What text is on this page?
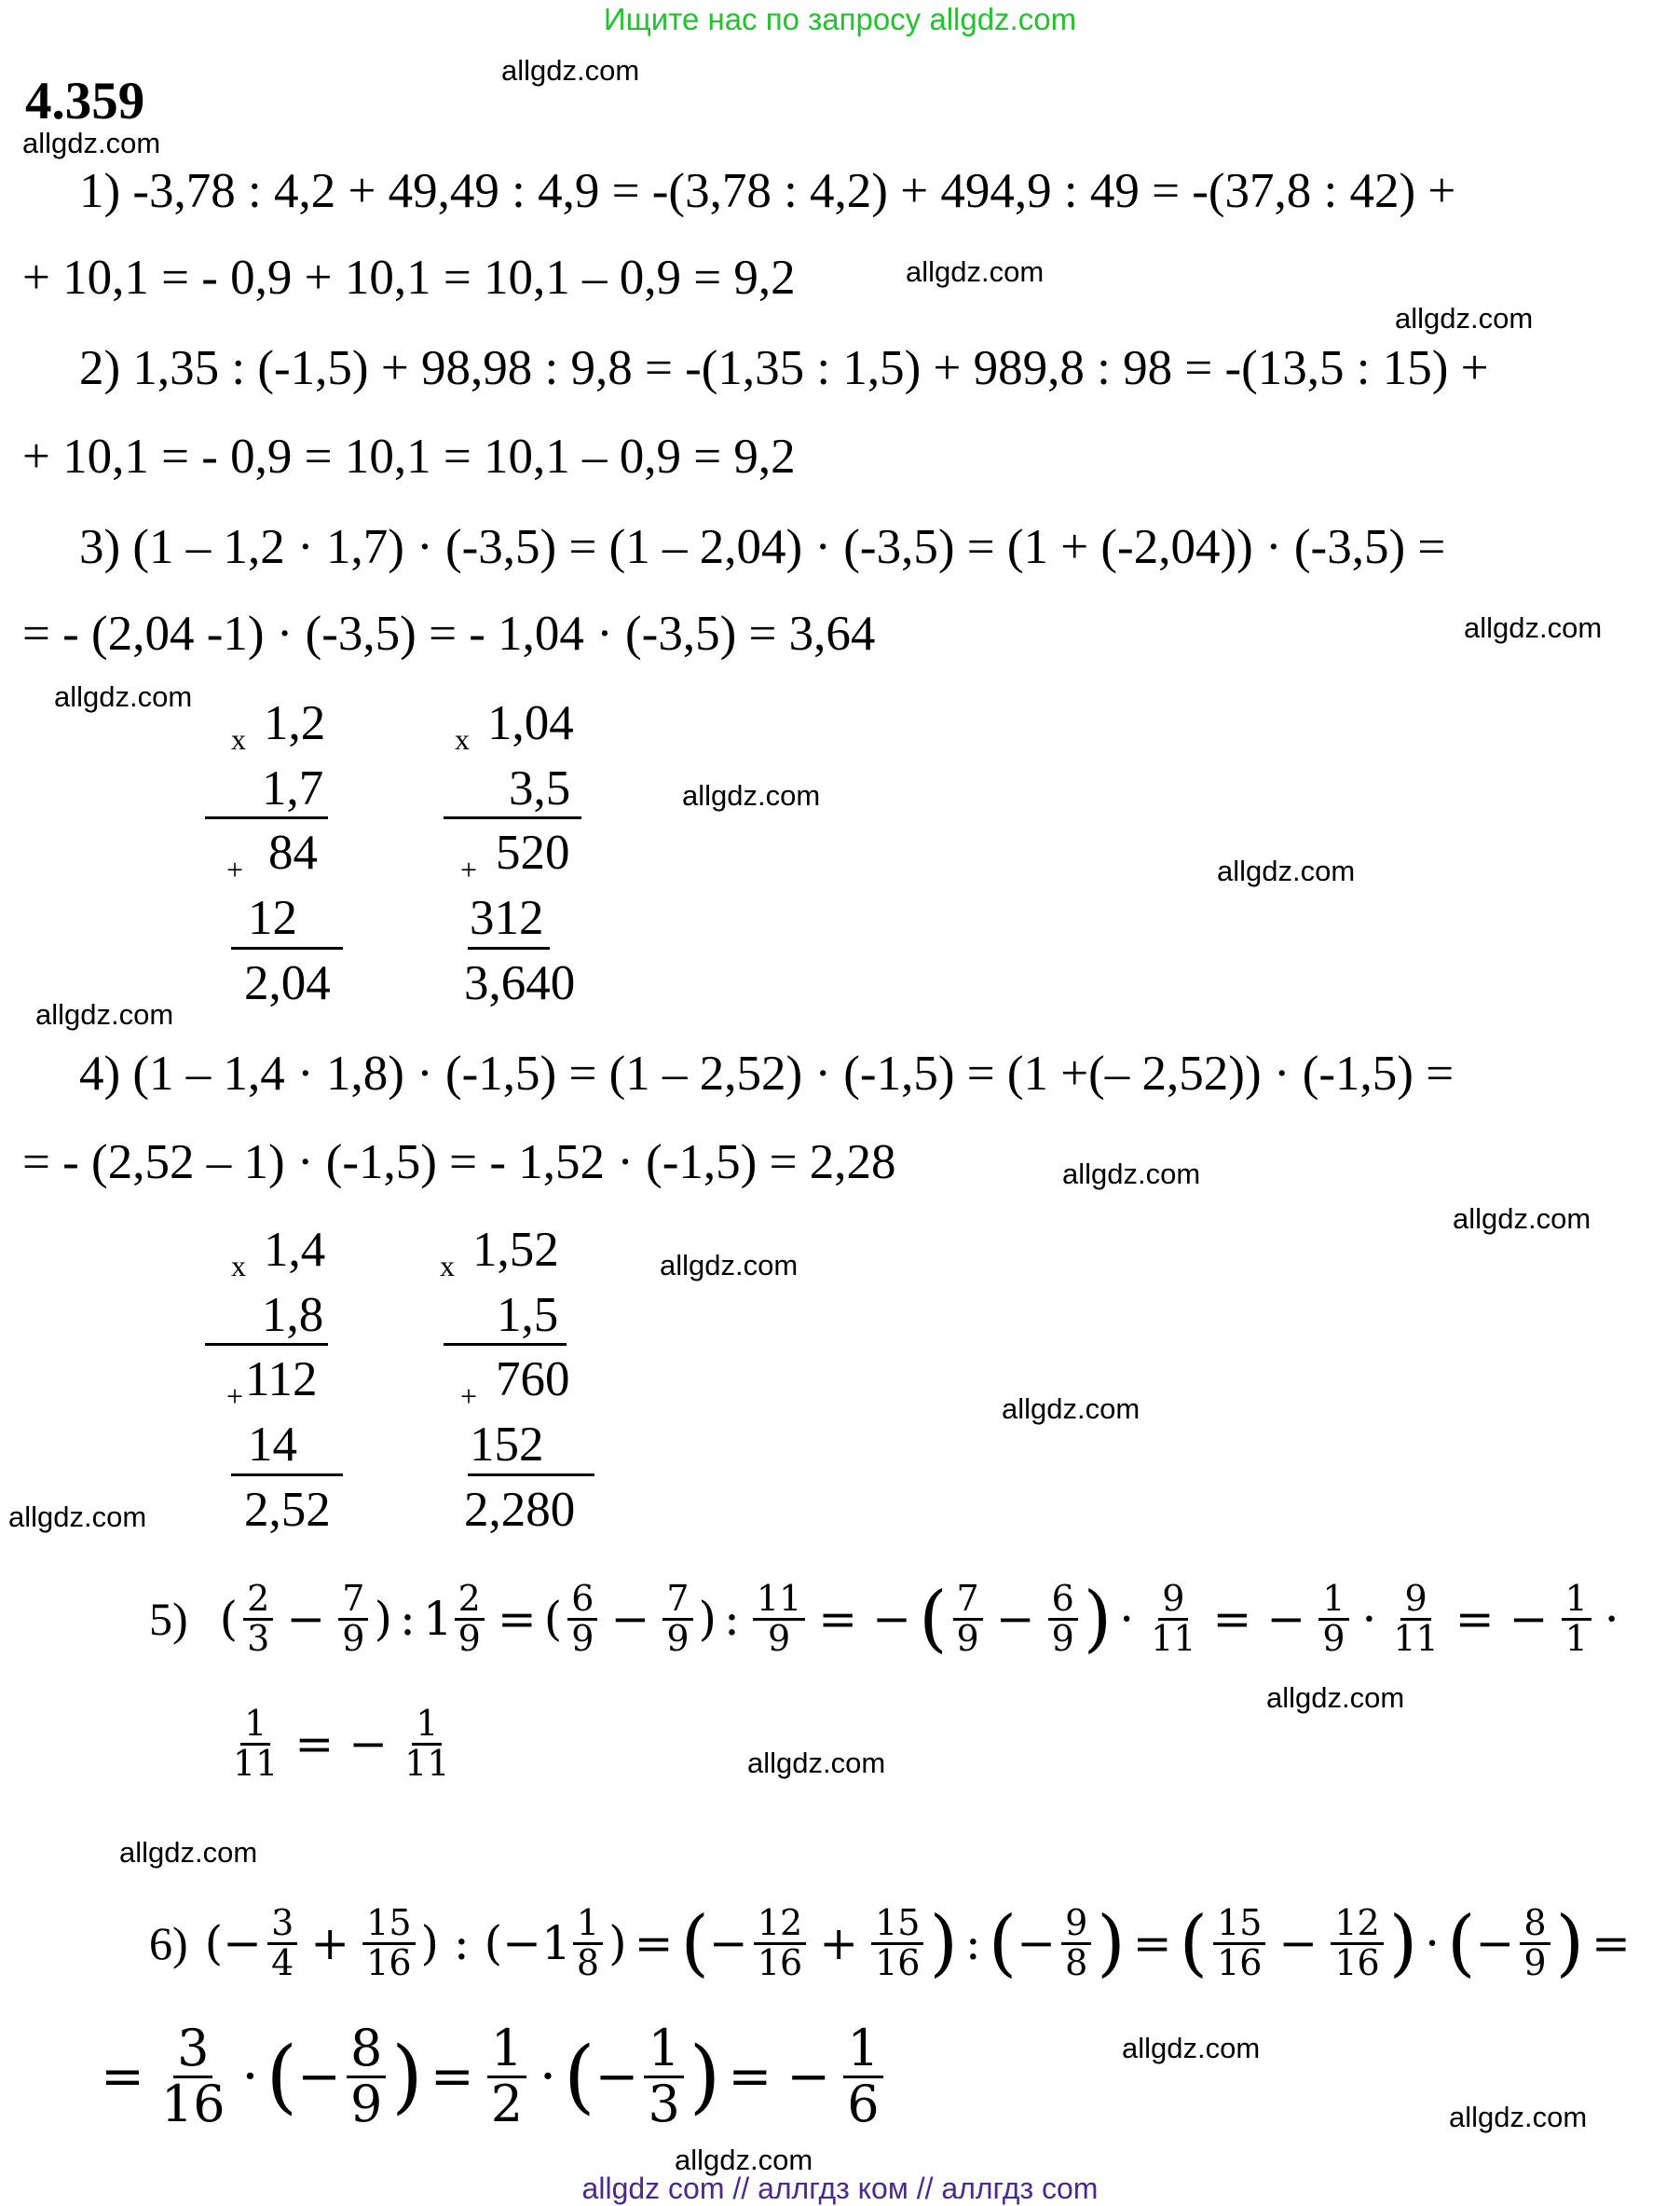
Ищите нас по запросу allgdz.com
4.359
allgdz.com
allgdz.com
allgdz.com
allgdz.com
allgdz.com
allgdz.com
allgdz.com
allgdz.com
allgdz.com
allgdz.com
allgdz.com
allgdz.com
allgdz.com
allgdz.com
allgdz.com
allgdz.com
allgdz.com
allgdz.com
allgdz.com
allgdz.com
1) -3,78 : 4,2 + 49,49 : 4,9 = -(3,78 : 4,2) + 494,9 : 49 = -(37,8 : 42) +
+ 10,1 = - 0,9 + 10,1 = 10,1 – 0,9 = 9,2
2) 1,35 : (-1,5) + 98,98 : 9,8 = -(1,35 : 1,5) + 989,8 : 98 = -(13,5 : 15) +
+ 10,1 = - 0,9 = 10,1 = 10,1 – 0,9 = 9,2
3) (1 – 1,2 · 1,7) · (-3,5) = (1 – 2,04) · (-3,5) = (1 + (-2,04)) · (-3,5) =
= - (2,04 -1) · (-3,5) = - 1,04 · (-3,5) = 3,64
x 1,2
1,7
+ 84
12
2,04
x 1,04
3,5
+ 520
312
3,640
4) (1 – 1,4 · 1,8) · (-1,5) = (1 – 2,52) · (-1,5) = (1 +(– 2,52)) · (-1,5) =
= - (2,52 – 1) · (-1,5) = - 1,52 · (-1,5) = 2,28
x 1,4
1,8
+ 112
14
2,52
x 1,52
1,5
+ 760
152
2,280
5) ( $\frac{2}{3} - \frac{7}{9}$ ) : $1 \frac{2}{9}$ = ( $\frac{6}{9} - \frac{7}{9}$ ) : $\frac{11}{9}$ = − ( $\frac{7}{9} - \frac{6}{9}$ ) · $\frac{9}{11}$ = − $\frac{1}{9} \cdot \frac{9}{11}$ = − $\frac{1}{1}$ ·
$\frac{1}{11}$ = − $\frac{1}{11}$
6) (− $\frac{3}{4} + \frac{15}{16}$ ) : (− $1 \frac{1}{8}$ ) = ( − $\frac{12}{16} + \frac{15}{16}$ ) : ( − $\frac{9}{8}$ ) = ( $\frac{15}{16} - \frac{12}{16}$ ) · ( − $\frac{8}{9}$ ) =
= $\frac{3}{16}$ · ( − $\frac{8}{9}$ ) = $\frac{1}{2}$ · ( − $\frac{1}{3}$ ) = − $\frac{1}{6}$
allgdz com // аллгдз ком // аллгдз com
